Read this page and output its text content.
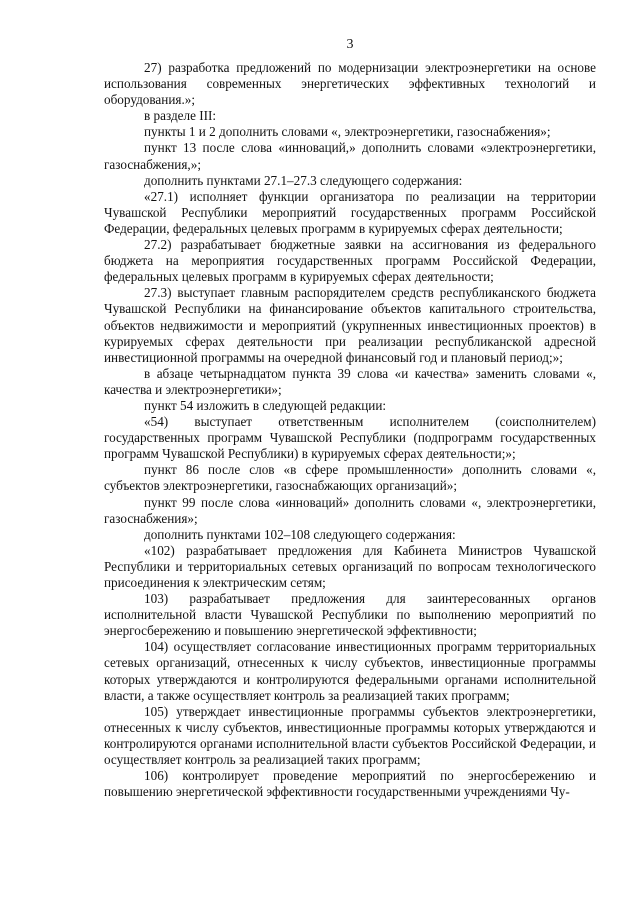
3

27) разработка предложений по модернизации электроэнергетики на основе использования современных энергетических эффективных технологий и оборудования.»;

в разделе III:

пункты 1 и 2 дополнить словами «, электроэнергетики, газоснабжения»;

пункт 13 после слова «инноваций,» дополнить словами «электроэнергетики, газоснабжения,»;

дополнить пунктами 27.1–27.3 следующего содержания:

«27.1) исполняет функции организатора по реализации на территории Чувашской Республики мероприятий государственных программ Российской Федерации, федеральных целевых программ в курируемых сферах деятельности;

27.2) разрабатывает бюджетные заявки на ассигнования из федерального бюджета на мероприятия государственных программ Российской Федерации, федеральных целевых программ в курируемых сферах деятельности;

27.3) выступает главным распорядителем средств республиканского бюджета Чувашской Республики на финансирование объектов капитального строительства, объектов недвижимости и мероприятий (укрупненных инвестиционных проектов) в курируемых сферах деятельности при реализации республиканской адресной инвестиционной программы на очередной финансовый год и плановый период;»;

в абзаце четырнадцатом пункта 39 слова «и качества» заменить словами «, качества и электроэнергетики»;

пункт 54 изложить в следующей редакции:

«54) выступает ответственным исполнителем (соисполнителем) государственных программ Чувашской Республики (подпрограмм государственных программ Чувашской Республики) в курируемых сферах деятельности;»;

пункт 86 после слов «в сфере промышленности» дополнить словами «, субъектов электроэнергетики, газоснабжающих организаций»;

пункт 99 после слова «инноваций» дополнить словами «, электроэнергетики, газоснабжения»;

дополнить пунктами 102–108 следующего содержания:

«102) разрабатывает предложения для Кабинета Министров Чувашской Республики и территориальных сетевых организаций по вопросам технологического присоединения к электрическим сетям;

103) разрабатывает предложения для заинтересованных органов исполнительной власти Чувашской Республики по выполнению мероприятий по энергосбережению и повышению энергетической эффективности;

104) осуществляет согласование инвестиционных программ территориальных сетевых организаций, отнесенных к числу субъектов, инвестиционные программы которых утверждаются и контролируются федеральными органами исполнительной власти, а также осуществляет контроль за реализацией таких программ;

105) утверждает инвестиционные программы субъектов электроэнергетики, отнесенных к числу субъектов, инвестиционные программы которых утверждаются и контролируются органами исполнительной власти субъектов Российской Федерации, и осуществляет контроль за реализацией таких программ;

106) контролирует проведение мероприятий по энергосбережению и повышению энергетической эффективности государственными учреждениями Чу-
